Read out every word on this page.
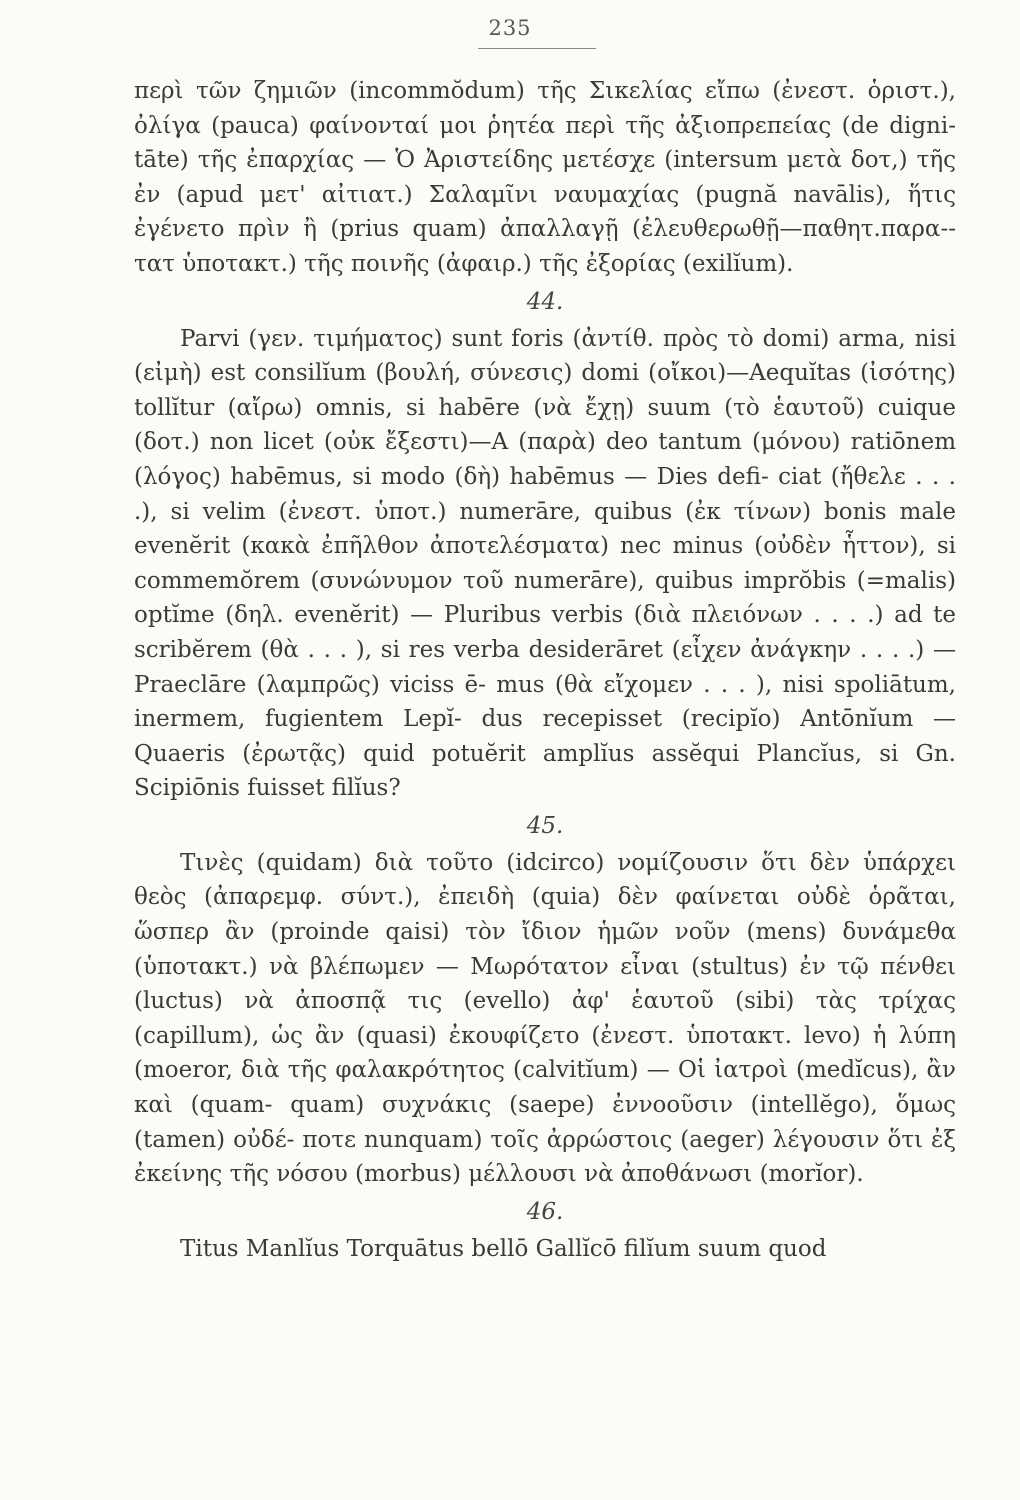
235
περὶ τῶν ζημιῶν (incommŏdum) τῆς Σικελίας εἴπω (ἐνεστ. ὁριστ.), ὀλίγα (pauca) φαίνονταί μοι ῥητέα περὶ τῆς ἀξιοπρεπείας (de digni- tāte) τῆς ἐπαρχίας — Ὁ Ἀριστείδης μετέσχε (intersum μετὰ δοτ,) τῆς ἐν (apud μετ' αἰτιατ.) Σαλαμῖνι ναυμαχίας (pugnă navālis), ἥτις ἐγένετο πρὶν ἢ (prius quam) ἀπαλλαγῇ (ἐλευθερωθῇ—παθητ.παρα-- τατ ὑποτακτ.) τῆς ποινῆς (ἀφαιρ.) τῆς ἐξορίας (exilĭum).
44.
Parvi (γεν. τιμήματος) sunt foris (ἀντίθ. πρὸς τὸ domi) arma, nisi (εἰμὴ) est consilĭum (βουλή, σύνεσις) domi (οἴκοι)—Aequĭtas (ἰσότης) tollĭtur (αἴρω) omnis, si habēre (νὰ ἔχῃ) suum (τὸ ἑαυτοῦ) cuique (δοτ.) non licet (οὐκ ἔξεστι)—A (παρὰ) deo tantum (μόνου) ratiōnem (λόγος) habēmus, si modo (δὴ) habēmus — Dies defi- ciat (ἤθελε . . . .), si velim (ἐνεστ. ὑποτ.) numerāre, quibus (ἐκ τίνων) bonis male evenĕrit (κακὰ ἐπῆλθον ἀποτελέσματα) nec minus (οὐδὲν ἧττον), si commemŏrem (συνώνυμον τοῦ numerāre), quibus imprŏbis (=malis) optĭme (δηλ. evenĕrit) — Pluribus verbis (διὰ πλειόνων . . . .) ad te scribĕrem (θὰ . . . ), si res verba desiderāret (εἶχεν ἀνάγκην . . . .) — Praeclāre (λαμπρῶς) viciss ē- mus (θὰ εἴχομεν . . . ), nisi spoliātum, inermem, fugientem Lepĭ- dus recepisset (recipĭo) Antōnĭum — Quaeris (ἐρωτᾷς) quid potuĕrit amplĭus assĕqui Plancĭus, si Gn. Scipiōnis fuisset filĭus?
45.
Τινὲς (quidam) διὰ τοῦτο (idcirco) νομίζουσιν ὅτι δὲν ὑπάρχει θεὸς (ἀπαρεμφ. σύντ.), ἐπειδὴ (quia) δὲν φαίνεται οὐδὲ ὁρᾶται, ὥσπερ ἂν (proinde qaisi) τὸν ἴδιον ἡμῶν νοῦν (mens) δυνάμεθα (ὑποτακτ.) νὰ βλέπωμεν — Μωρότατον εἶναι (stultus) ἐν τῷ πένθει (luctus) νὰ ἀποσπᾷ τις (evello) ἀφ' ἑαυτοῦ (sibi) τὰς τρίχας (capillum), ὡς ἂν (quasi) ἐκουφίζετο (ἐνεστ. ὑποτακτ. levo) ἡ λύπη (moeror, διὰ τῆς φαλακρότητος (calvitĭum) — Οἱ ἰατροὶ (medĭcus), ἂν καὶ (quam- quam) συχνάκις (saepe) ἐννοοῦσιν (intellĕgo), ὅμως (tamen) οὐδέ- ποτε nunquam) τοῖς ἀρρώστοις (aeger) λέγουσιν ὅτι ἐξ ἐκείνης τῆς νόσου (morbus) μέλλουσι νὰ ἀποθάνωσι (morĭor).
46.
Titus Manlĭus Torquātus bellō Gallĭcō filĭum suum quod
